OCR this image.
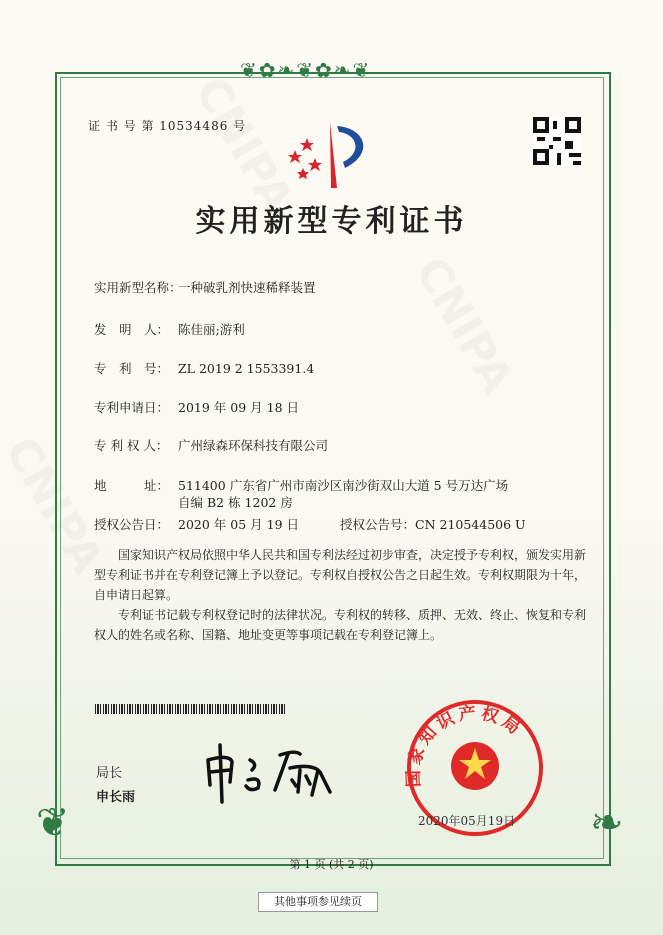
❦✿❧❦✿❧❦
❦	❧
证 书 号 第 10534486 号
实用新型专利证书
实用新型名称：一种破乳剂快速稀释装置
发　明　人： 陈佳丽;游利
专　利　号： ZL 2019 2 1553391.4
专利申请日： 2019 年 09 月 18 日
专 利 权 人： 广州绿森环保科技有限公司
地　　　址： 511400 广东省广州市南沙区南沙街双山大道 5 号万达广场
自编 B2 栋 1202 房
授权公告日： 2020 年 05 月 19 日	授权公告号：CN 210544506 U
国家知识产权局依照中华人民共和国专利法经过初步审查，决定授予专利权，颁发实用新型专利证书并在专利登记簿上予以登记。专利权自授权公告之日起生效。专利权期限为十年，自申请日起算。
专利证书记载专利权登记时的法律状况。专利权的转移、质押、无效、终止、恢复和专利权人的姓名或名称、国籍、地址变更等事项记载在专利登记簿上。
局长
申长雨
国家知识产权局
2020年05月19日
第 1 页 (共 2 页)
其他事项参见续页
